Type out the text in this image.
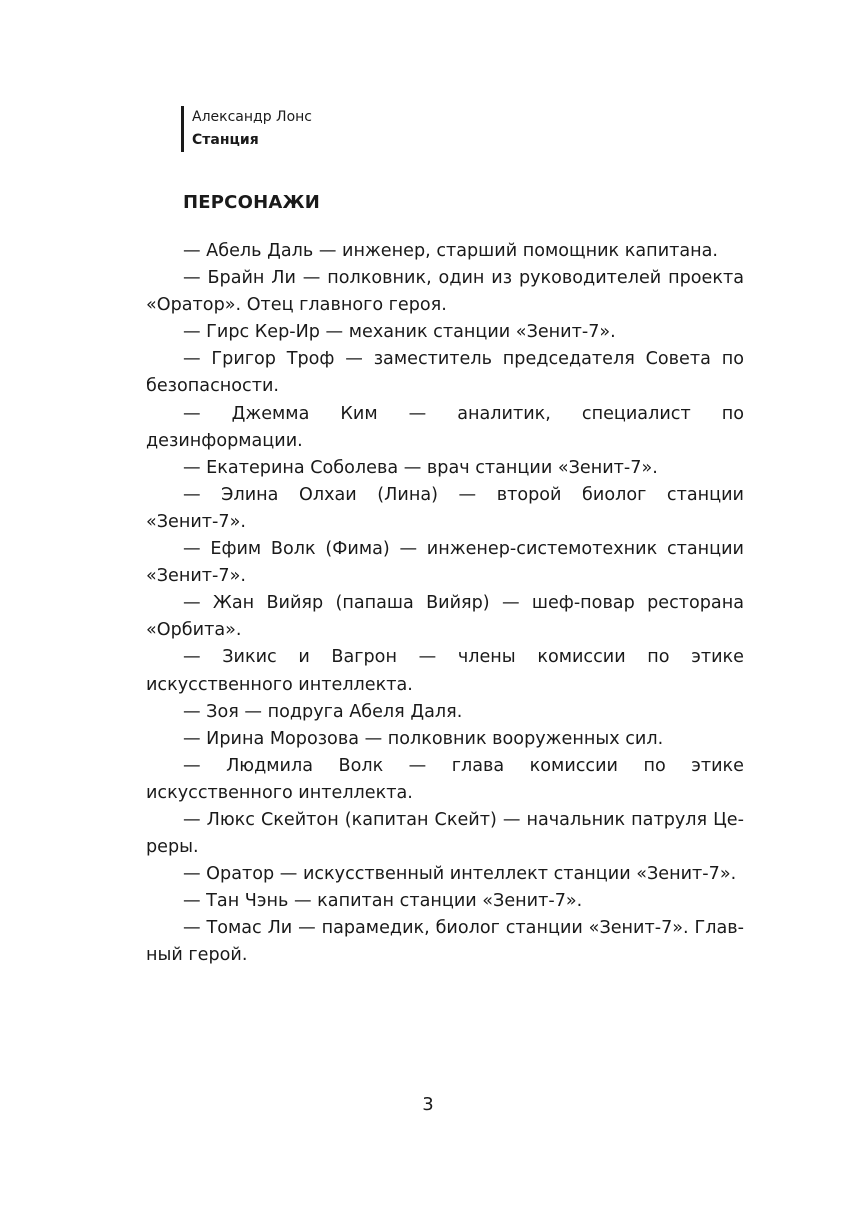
Александр Лонс
Станция
ПЕРСОНАЖИ
— Абель Даль — инженер, старший помощник капитана.
— Брайн Ли — полковник, один из руководителей проекта «Оратор». Отец главного героя.
— Гирс Кер-Ир — механик станции «Зенит-7».
— Григор Троф — заместитель председателя Совета по безопасности.
— Джемма Ким — аналитик, специалист по дезинформации.
— Екатерина Соболева — врач станции «Зенит-7».
— Элина Олхаи (Лина) — второй биолог станции «Зенит-7».
— Ефим Волк (Фима) — инженер-системотехник станции «Зенит-7».
— Жан Вийяр (папаша Вийяр) — шеф-повар ресторана «Орбита».
— Зикис и Вагрон — члены комиссии по этике искусственного интеллекта.
— Зоя — подруга Абеля Даля.
— Ирина Морозова — полковник вооруженных сил.
— Людмила Волк — глава комиссии по этике искусственного интеллекта.
— Люкс Скейтон (капитан Скейт) — начальник патруля Цереры.
— Оратор — искусственный интеллект станции «Зенит-7».
— Тан Чэнь — капитан станции «Зенит-7».
— Томас Ли — парамедик, биолог станции «Зенит-7». Главный герой.
3
